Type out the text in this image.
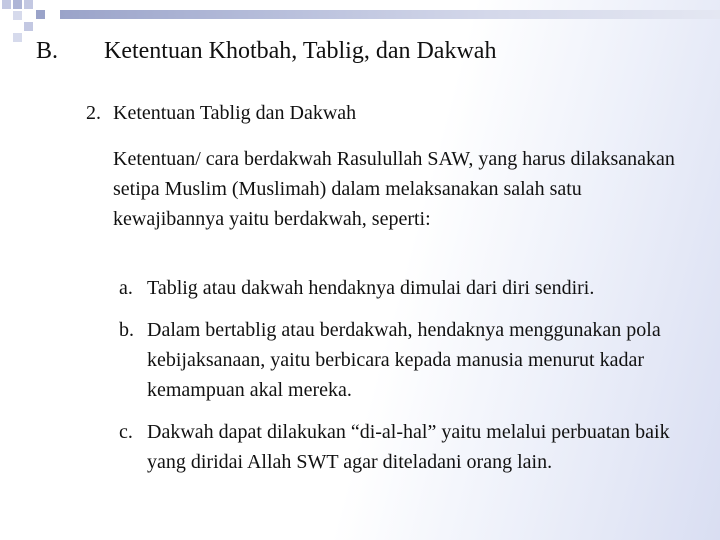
B. Ketentuan Khotbah, Tablig, dan Dakwah
2. Ketentuan Tablig dan Dakwah
Ketentuan/ cara berdakwah Rasulullah SAW, yang harus dilaksanakan setipa Muslim (Muslimah) dalam melaksanakan salah satu kewajibannya yaitu berdakwah, seperti:
a. Tablig atau dakwah hendaknya dimulai dari diri sendiri.
b. Dalam bertablig atau berdakwah, hendaknya menggunakan pola kebijaksanaan, yaitu berbicara kepada manusia menurut kadar kemampuan akal mereka.
c. Dakwah dapat dilakukan “di-al-hal” yaitu melalui perbuatan baik yang diridai Allah SWT agar diteladani orang lain.
